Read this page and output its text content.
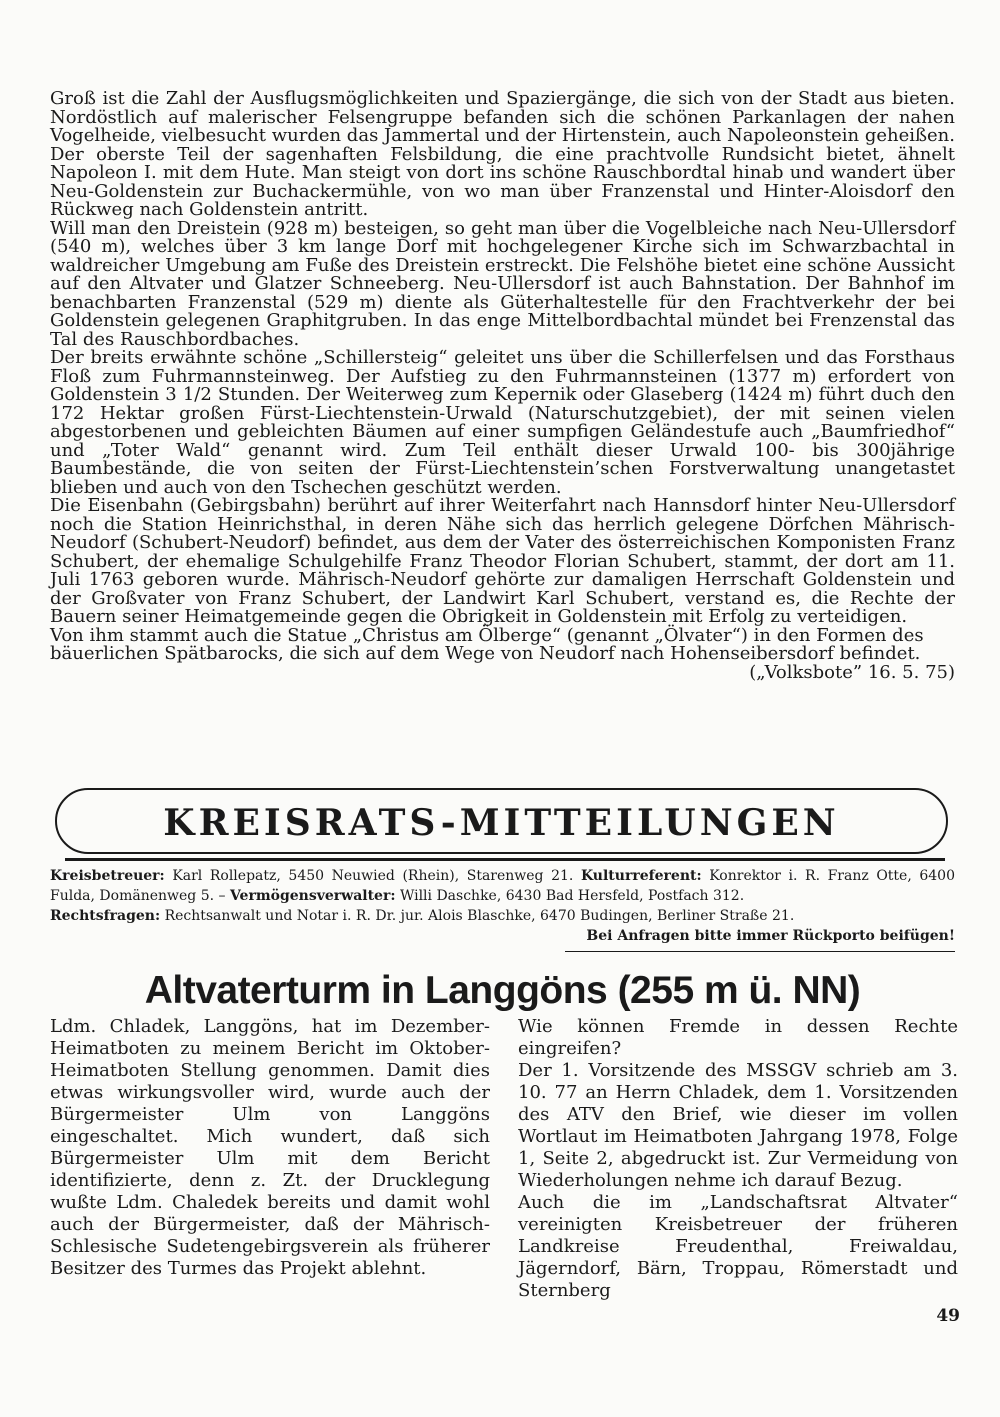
Groß ist die Zahl der Ausflugsmöglichkeiten und Spaziergänge, die sich von der Stadt aus bieten. Nordöstlich auf malerischer Felsengruppe befanden sich die schönen Parkanlagen der nahen Vogelheide, vielbesucht wurden das Jammertal und der Hirtenstein, auch Napoleonstein geheißen. Der oberste Teil der sagenhaften Felsbildung, die eine prachtvolle Rundsicht bietet, ähnelt Napoleon I. mit dem Hute. Man steigt von dort ins schöne Rauschbordtal hinab und wandert über Neu-Goldenstein zur Buchackermühle, von wo man über Franzenstal und Hinter-Aloisdorf den Rückweg nach Goldenstein antritt.

Will man den Dreistein (928 m) besteigen, so geht man über die Vogelbleiche nach Neu-Ullersdorf (540 m), welches über 3 km lange Dorf mit hochgelegener Kirche sich im Schwarzbachtal in waldreicher Umgebung am Fuße des Dreistein erstreckt. Die Felshöhe bietet eine schöne Aussicht auf den Altvater und Glatzer Schneeberg. Neu-Ullersdorf ist auch Bahnstation. Der Bahnhof im benachbarten Franzenstal (529 m) diente als Güterhaltestelle für den Frachtverkehr der bei Goldenstein gelegenen Graphitgruben. In das enge Mittelbordbachtal mündet bei Frenzenstal das Tal des Rauschbordbaches.

Der breits erwähnte schöne „Schillersteig“ geleitet uns über die Schillerfelsen und das Forsthaus Floß zum Fuhrmannsteinweg. Der Aufstieg zu den Fuhrmannsteinen (1377 m) erfordert von Goldenstein 3 1/2 Stunden. Der Weiterweg zum Kepernik oder Glaseberg (1424 m) führt duch den 172 Hektar großen Fürst-Liechtenstein-Urwald (Naturschutzgebiet), der mit seinen vielen abgestorbenen und gebleichten Bäumen auf einer sumpfigen Geländestufe auch „Baumfriedhof“ und „Toter Wald“ genannt wird. Zum Teil enthält dieser Urwald 100- bis 300jährige Baumbestände, die von seiten der Fürst-Liechtenstein’schen Forstverwaltung unangetastet blieben und auch von den Tschechen geschützt werden.

Die Eisenbahn (Gebirgsbahn) berührt auf ihrer Weiterfahrt nach Hannsdorf hinter Neu-Ullersdorf noch die Station Heinrichsthal, in deren Nähe sich das herrlich gelegene Dörfchen Mährisch-Neudorf (Schubert-Neudorf) befindet, aus dem der Vater des österreichischen Komponisten Franz Schubert, der ehemalige Schulgehilfe Franz Theodor Florian Schubert, stammt, der dort am 11. Juli 1763 geboren wurde. Mährisch-Neudorf gehörte zur damaligen Herrschaft Goldenstein und der Großvater von Franz Schubert, der Landwirt Karl Schubert, verstand es, die Rechte der Bauern seiner Heimatgemeinde gegen die Obrigkeit in Goldenstein mit Erfolg zu verteidigen.

Von ihm stammt auch die Statue „Christus am Ölberge“ (genannt „Ölvater“) in den Formen des bäuerlichen Spätbarocks, die sich auf dem Wege von Neudorf nach Hohenseibersdorf befindet.
(„Volksbote” 16. 5. 75)

KREISRATS-MITTEILUNGEN

Kreisbetreuer: Karl Rollepatz, 5450 Neuwied (Rhein), Starenweg 21. Kulturreferent: Konrektor i. R. Franz Otte, 6400 Fulda, Domänenweg 5. – Vermögensverwalter: Willi Daschke, 6430 Bad Hersfeld, Postfach 312.
Rechtsfragen: Rechtsanwalt und Notar i. R. Dr. jur. Alois Blaschke, 6470 Budingen, Berliner Straße 21.

Bei Anfragen bitte immer Rückporto beifügen!

Altvaterturm in Langgöns (255 m ü. NN)

Ldm. Chladek, Langgöns, hat im Dezember-Heimatboten zu meinem Bericht im Oktober-Heimatboten Stellung genommen. Damit dies etwas wirkungsvoller wird, wurde auch der Bürgermeister Ulm von Langgöns eingeschaltet. Mich wundert, daß sich Bürgermeister Ulm mit dem Bericht identifizierte, denn z. Zt. der Drucklegung wußte Ldm. Chaledek bereits und damit wohl auch der Bürgermeister, daß der Mährisch-Schlesische Sudetengebirgsverein als früherer Besitzer des Turmes das Projekt ablehnt.

Wie können Fremde in dessen Rechte eingreifen?

Der 1. Vorsitzende des MSSGV schrieb am 3. 10. 77 an Herrn Chladek, dem 1. Vorsitzenden des ATV den Brief, wie dieser im vollen Wortlaut im Heimatboten Jahrgang 1978, Folge 1, Seite 2, abgedruckt ist. Zur Vermeidung von Wiederholungen nehme ich darauf Bezug.

Auch die im „Landschaftsrat Altvater“ vereinigten Kreisbetreuer der früheren Landkreise Freudenthal, Freiwaldau, Jägerndorf, Bärn, Troppau, Römerstadt und Sternberg

49
